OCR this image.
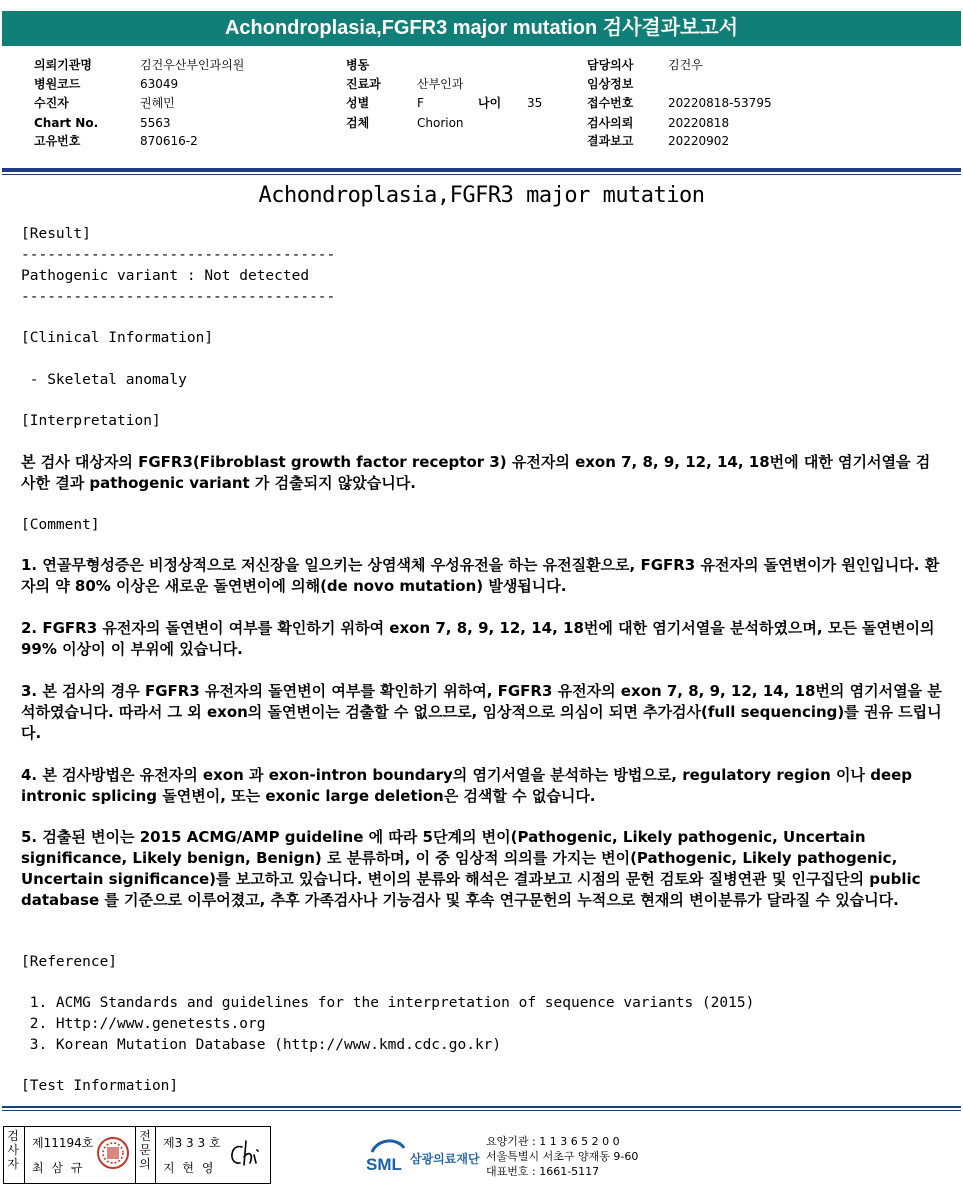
Achondroplasia,FGFR3 major mutation 검사결과보고서
의뢰기관명	김건우산부인과의원
병원코드	63049
수진자	권혜민
Chart No.	5563
고유번호	870616-2
병동
진료과	산부인과
성별	F	나이 35
검체	Chorion
담당의사	김건우
임상정보
접수번호	20220818-53795
검사의뢰	20220818
결과보고	20220902
Achondroplasia,FGFR3 major mutation
[Result]
------------------------------------
Pathogenic variant : Not detected
------------------------------------
[Clinical Information]
- Skeletal anomaly
[Interpretation]
본 검사 대상자의 FGFR3(Fibroblast growth factor receptor 3) 유전자의 exon 7, 8, 9, 12, 14, 18번에 대한 염기서열을 검사한 결과 pathogenic variant 가 검출되지 않았습니다.
[Comment]
1. 연골무형성증은 비정상적으로 저신장을 일으키는 상염색체 우성유전을 하는 유전질환으로, FGFR3 유전자의 돌연변이가 원인입니다. 환자의 약 80% 이상은 새로운 돌연변이에 의해(de novo mutation) 발생됩니다.
2. FGFR3 유전자의 돌연변이 여부를 확인하기 위하여 exon 7, 8, 9, 12, 14, 18번에 대한 염기서열을 분석하였으며, 모든 돌연변이의 99% 이상이 이 부위에 있습니다.
3. 본 검사의 경우 FGFR3 유전자의 돌연변이 여부를 확인하기 위하여, FGFR3 유전자의 exon 7, 8, 9, 12, 14, 18번의 염기서열을 분석하였습니다. 따라서 그 외 exon의 돌연변이는 검출할 수 없으므로, 임상적으로 의심이 되면 추가검사(full sequencing)를 권유 드립니다.
4. 본 검사방법은 유전자의 exon 과 exon-intron boundary의 염기서열을 분석하는 방법으로, regulatory region 이나 deep intronic splicing 돌연변이, 또는 exonic large deletion은 검색할 수 없습니다.
5. 검출된 변이는 2015 ACMG/AMP guideline 에 따라 5단계의 변이(Pathogenic, Likely pathogenic, Uncertain significance, Likely benign, Benign) 로 분류하며, 이 중 임상적 의의를 가지는 변이(Pathogenic, Likely pathogenic, Uncertain significance)를 보고하고 있습니다. 변이의 분류와 해석은 결과보고 시점의 문헌 검토와 질병연관 및 인구집단의 public database 를 기준으로 이루어졌고, 추후 가족검사나 기능검사 및 후속 연구문헌의 누적으로 현재의 변이분류가 달라질 수 있습니다.
[Reference]
1. ACMG Standards and guidelines for the interpretation of sequence variants (2015)
2. Http://www.genetests.org
3. Korean Mutation Database (http://www.kmd.cdc.go.kr)
[Test Information]
검
사
자
제11194호
최 삼 규
전
문
의
제3 3 3 호
지 현 영	SML 삼광의료재단
요양기관 : 1 1 3 6 5 2 0 0
서울특별시 서초구 양재동 9-60
대표번호 : 1661-5117
